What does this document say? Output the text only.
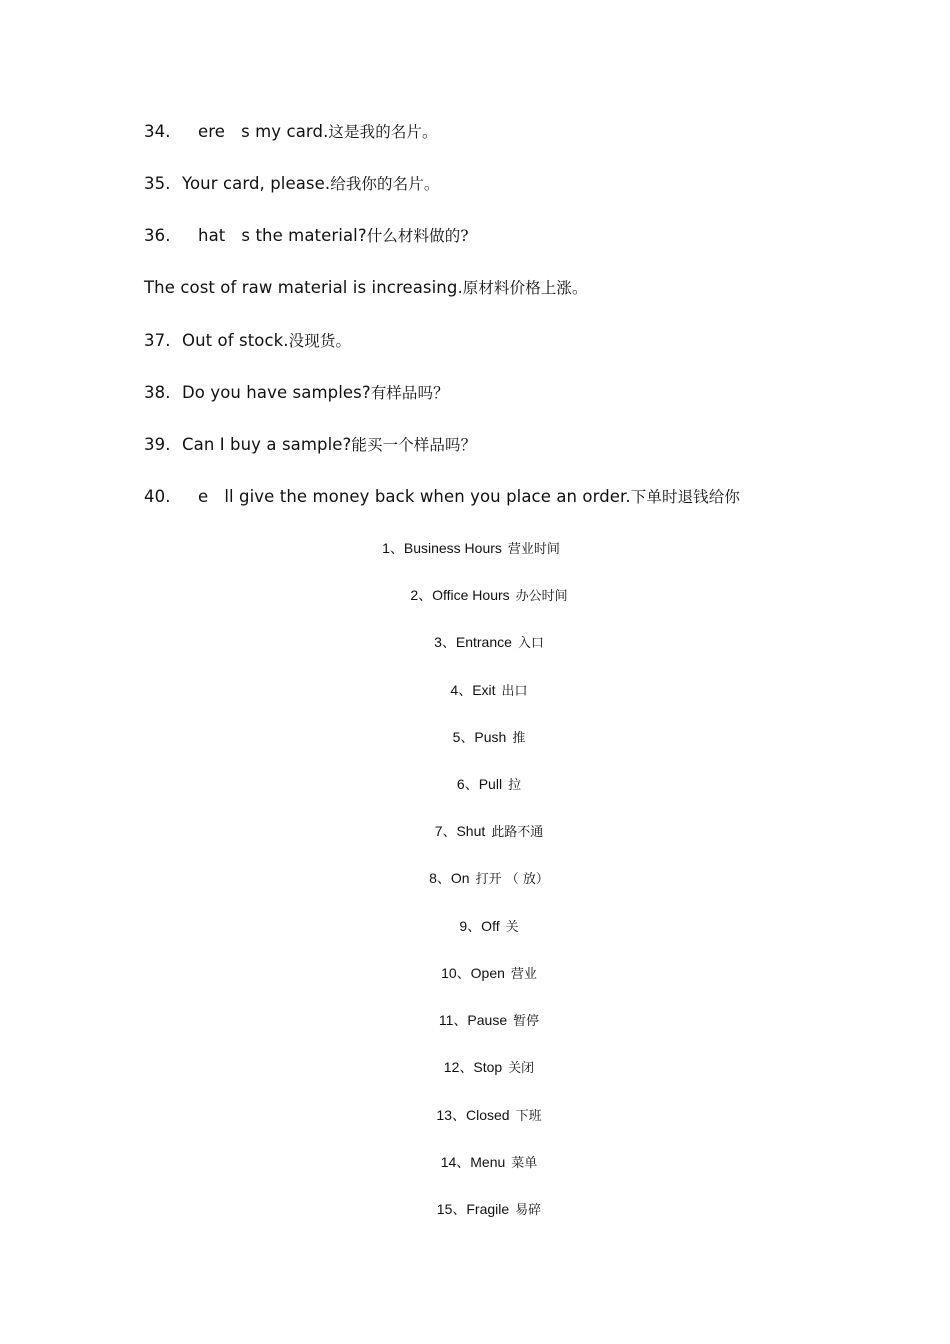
34.   ere   s my card.这是我的名片。
35. Your card, please.给我你的名片。
36.   hat   s the material?什么材料做的?
The cost of raw material is increasing.原材料价格上涨。
37. Out of stock.没现货。
38. Do you have samples?有样品吗？
39. Can I buy a sample?能买一个样品吗？
40.   e   ll give the money back when you place an order.下单时退钱给你
1、Business Hours 营业时间
2、Office Hours 办公时间
3、Entrance 入口
4、Exit 出口
5、Push 推
6、Pull 拉
7、Shut 此路不通
8、On 打开 （ 放）
9、Off 关
10、Open 营业
11、Pause 暂停
12、Stop 关闭
13、Closed 下班
14、Menu 菜单
15、Fragile 易碎
